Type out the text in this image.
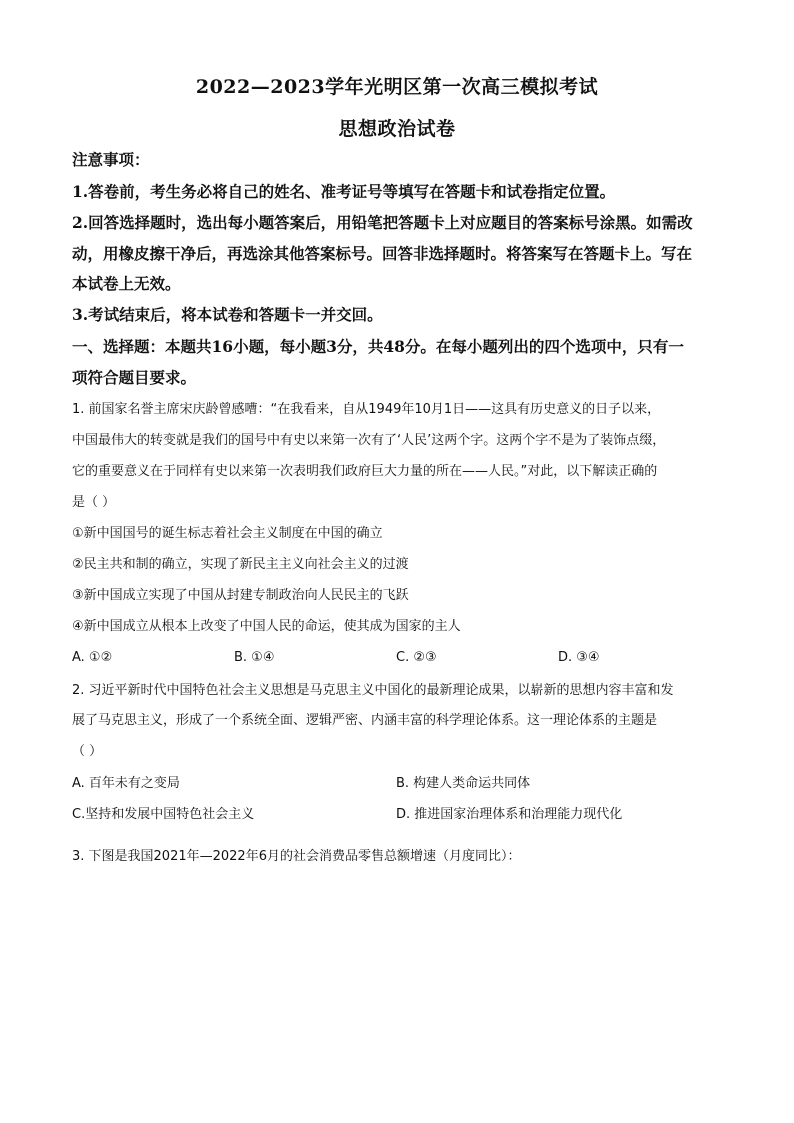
2022—2023学年光明区第一次高三模拟考试
思想政治试卷
注意事项：
1.答卷前，考生务必将自己的姓名、准考证号等填写在答题卡和试卷指定位置。
2.回答选择题时，选出每小题答案后，用铅笔把答题卡上对应题目的答案标号涂黑。如需改
动，用橡皮擦干净后，再选涂其他答案标号。回答非选择题时。将答案写在答题卡上。写在
本试卷上无效。
3.考试结束后，将本试卷和答题卡一并交回。
一、选择题：本题共16小题，每小题3分，共48分。在每小题列出的四个选项中，只有一
项符合题目要求。
1. 前国家名誉主席宋庆龄曾感嘈：“在我看来，自从1949年10月1日——这具有历史意义的日子以来，
中国最伟大的转变就是我们的国号中有史以来第一次有了‘人民’这两个字。这两个字不是为了装饰点缀，
它的重要意义在于同样有史以来第一次表明我们政府巨大力量的所在——人民。”对此，以下解读正确的
是（ ）
①新中国国号的诞生标志着社会主义制度在中国的确立
②民主共和制的确立，实现了新民主主义向社会主义的过渡
③新中国成立实现了中国从封建专制政治向人民民主的飞跃
④新中国成立从根本上改变了中国人民的命运，使其成为国家的主人
A. ①②	B. ①④	C. ②③	D. ③④
2. 习近平新时代中国特色社会主义思想是马克思主义中国化的最新理论成果，以崭新的思想内容丰富和发
展了马克思主义，形成了一个系统全面、逻辑严密、内涵丰富的科学理论体系。这一理论体系的主题是
（ ）
A. 百年未有之变局	B. 构建人类命运共同体
C.坚持和发展中国特色社会主义	D. 推进国家治理体系和治理能力现代化
3. 下图是我国2021年—2022年6月的社会消费品零售总额增速（月度同比）：
